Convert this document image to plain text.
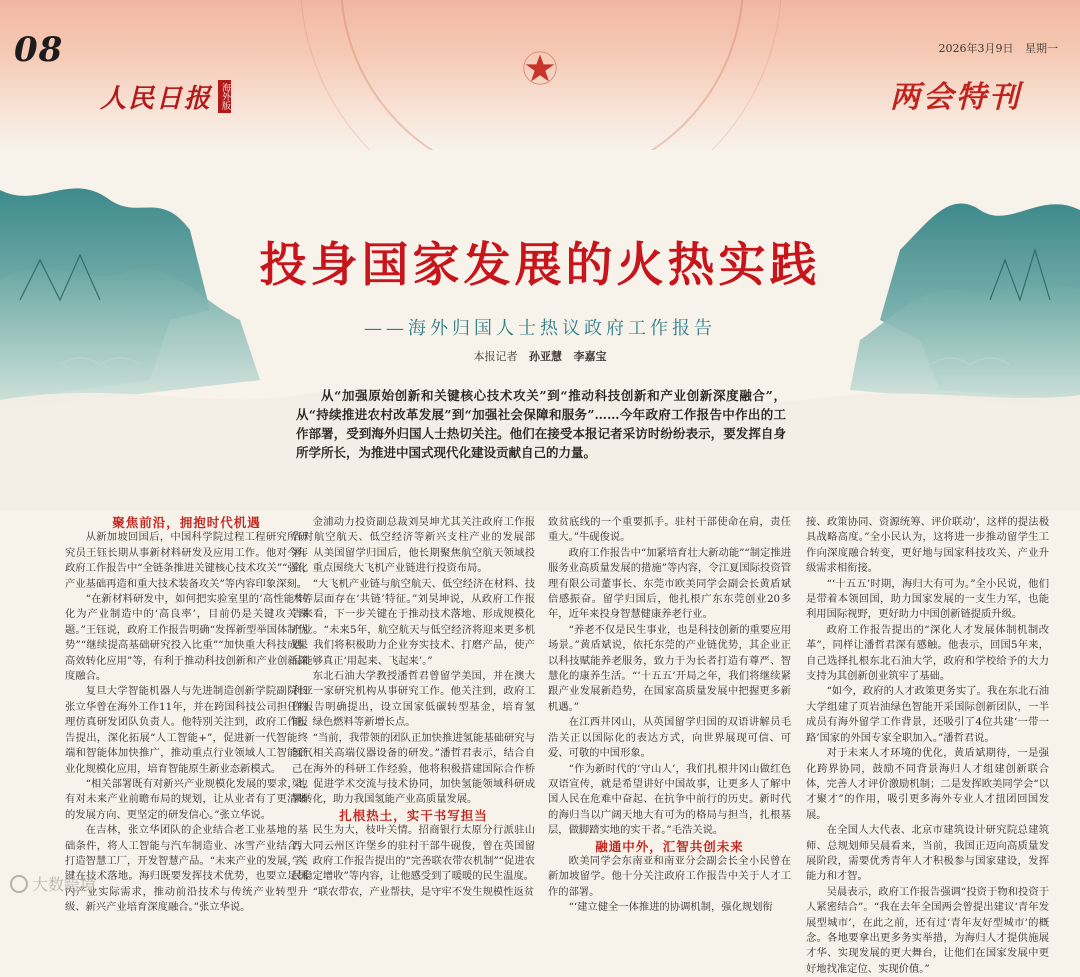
08	2026年3月9日 星期一
人民日报 海外版	两会特刊
投身国家发展的火热实践
——海外归国人士热议政府工作报告
本报记者 孙亚慧 李嘉宝
从“加强原始创新和关键核心技术攻关”到“推动科技创新和产业创新深度融合”，从“持续推进农村改革发展”到“加强社会保障和服务”……今年政府工作报告中作出的工作部署，受到海外归国人士热切关注。他们在接受本报记者采访时纷纷表示，要发挥自身所学所长，为推进中国式现代化建设贡献自己的力量。

聚焦前沿，拥抱时代机遇

从新加坡回国后，中国科学院过程工程研究所研究员王钰长期从事新材料研发及应用工作。他对今年政府工作报告中“全链条推进关键核心技术攻关”“强化产业基础再造和重大技术装备攻关”等内容印象深刻。

“在新材料研发中，如何把实验室里的‘高性能’转化为产业制造中的‘高良率’，目前仍是关键攻关课题。”王钰说，政府工作报告明确“发挥新型举国体制优势”“继续提高基础研究投入比重”“加快重大科技成果高效转化应用”等，有利于推动科技创新和产业创新深度融合。

复旦大学智能机器人与先进制造创新学院副院长张立华曾在海外工作11年，并在跨国科技公司担任物理仿真研发团队负责人。他特别关注到，政府工作报告提出，深化拓展“人工智能+”，促进新一代智能终端和智能体加快推广，推动重点行业领域人工智能商业化规模化应用，培育智能原生新业态新模式。

“相关部署既有对新兴产业规模化发展的要求，也有对未来产业前瞻布局的规划，让从业者有了更清晰的发展方向、更坚定的研发信心。”张立华说。

在吉林，张立华团队的企业结合老工业基地的基础条件，将人工智能与汽车制造业、冰雪产业结合，打造智慧工厂，开发智慧产品。“未来产业的发展，关键在技术落地。海归既要发挥技术优势，也要立足国内产业实际需求，推动前沿技术与传统产业转型升级、新兴产业培育深度融合。”张立华说。

金浦动力投资副总裁刘昊坤尤其关注政府工作报告对航空航天、低空经济等新兴支柱产业的发展部署。从美国留学归国后，他长期聚焦航空航天领域投资，重点围绕大飞机产业链进行投资布局。

“大飞机产业链与航空航天、低空经济在材料、技术等层面存在‘共链’特征。”刘昊坤说，从政府工作报告来看，下一步关键在于推动技术落地、形成规模化产业。“未来5年，航空航天与低空经济将迎来更多机遇。我们将积极助力企业夯实技术、打磨产品，使产品能够真正‘用起来、飞起来’。”

东北石油大学教授潘哲君曾留学美国，并在澳大利亚一家研究机构从事研究工作。他关注到，政府工作报告明确提出，设立国家低碳转型基金，培育氢能、绿色燃料等新增长点。

“当前，我带领的团队正加快推进氢能基础研究与氢气相关高端仪器设备的研发。”潘哲君表示，结合自己在海外的科研工作经验，他将积极搭建国际合作桥梁，促进学术交流与技术协同，加快氢能领域科研成果转化，助力我国氢能产业高质量发展。

扎根热土，实干书写担当

民生为大，枝叶关情。招商银行太原分行派驻山西大同云州区许堡乡的驻村干部牛砚俊，曾在英国留学。政府工作报告提出的“完善联农带农机制”“促进农民稳定增收”等内容，让他感受到了暖暖的民生温度。

“联农带农，产业帮扶，是守牢不发生规模性返贫

致贫底线的一个重要抓手。驻村干部使命在肩，责任重大。”牛砚俊说。

政府工作报告中“加紧培育壮大新动能”“制定推进服务业高质量发展的措施”等内容，令江夏国际投资管理有限公司董事长、东莞市欧美同学会副会长黄盾斌倍感振奋。留学归国后，他扎根广东东莞创业20多年，近年来投身智慧健康养老行业。

“养老不仅是民生事业，也是科技创新的重要应用场景。”黄盾斌说，依托东莞的产业链优势，其企业正以科技赋能养老服务，致力于为长者打造有尊严、智慧化的康养生活。“‘十五五’开局之年，我们将继续紧跟产业发展新趋势，在国家高质量发展中把握更多新机遇。”

在江西井冈山，从英国留学归国的双语讲解员毛浩关正以国际化的表达方式，向世界展现可信、可爱、可敬的中国形象。

“作为新时代的‘守山人’，我们扎根井冈山做红色双语宣传，就是希望讲好中国故事，让更多人了解中国人民在危难中奋起、在抗争中前行的历史。新时代的海归当以广阔天地大有可为的格局与担当，扎根基层，做脚踏实地的实干者。”毛浩关说。

融通中外，汇智共创未来

欧美同学会东南亚和南亚分会副会长全小民曾在新加坡留学。他十分关注政府工作报告中关于人才工作的部署。

“‘建立健全一体推进的协调机制，强化规划衔

接、政策协同、资源统筹、评价联动’，这样的提法极具战略高度。”全小民认为，这将进一步推动留学生工作向深度融合转变，更好地与国家科技攻关、产业升级需求相衔接。

“‘十五五’时期，海归大有可为。”全小民说，他们是带着本领回国，助力国家发展的一支生力军，也能利用国际视野，更好助力中国创新链提质升级。

政府工作报告提出的“深化人才发展体制机制改革”，同样让潘哲君深有感触。他表示，回国5年来，自己选择扎根东北石油大学，政府和学校给予的大力支持为其创新创业筑牢了基础。

“如今，政府的人才政策更务实了。我在东北石油大学组建了页岩油绿色智能开采国际创新团队，一半成员有海外留学工作背景，还吸引了4位共建‘一带一路’国家的外国专家全职加入。”潘哲君说。

对于未来人才环境的优化，黄盾斌期待，一是强化跨界协同，鼓励不同背景海归人才组建创新联合体，完善人才评价激励机制；二是发挥欧美同学会“以才聚才”的作用，吸引更多海外专业人才扭团回国发展。

在全国人大代表、北京市建筑设计研究院总建筑师、总规划师吴晨看来，当前，我国正迈向高质量发展阶段，需要优秀青年人才积极参与国家建设，发挥能力和才智。

吴晨表示，政府工作报告强调“投资于物和投资于人紧密结合”。“我在去年全国两会曾提出建议‘青年发展型城市’，在此之前，还有过‘青年友好型城市’的概念。各地要拿出更多务实举措，为海归人才提供施展才华、实现发展的更大舞台，让他们在国家发展中更好地找准定位、实现价值。”

大数跨境
